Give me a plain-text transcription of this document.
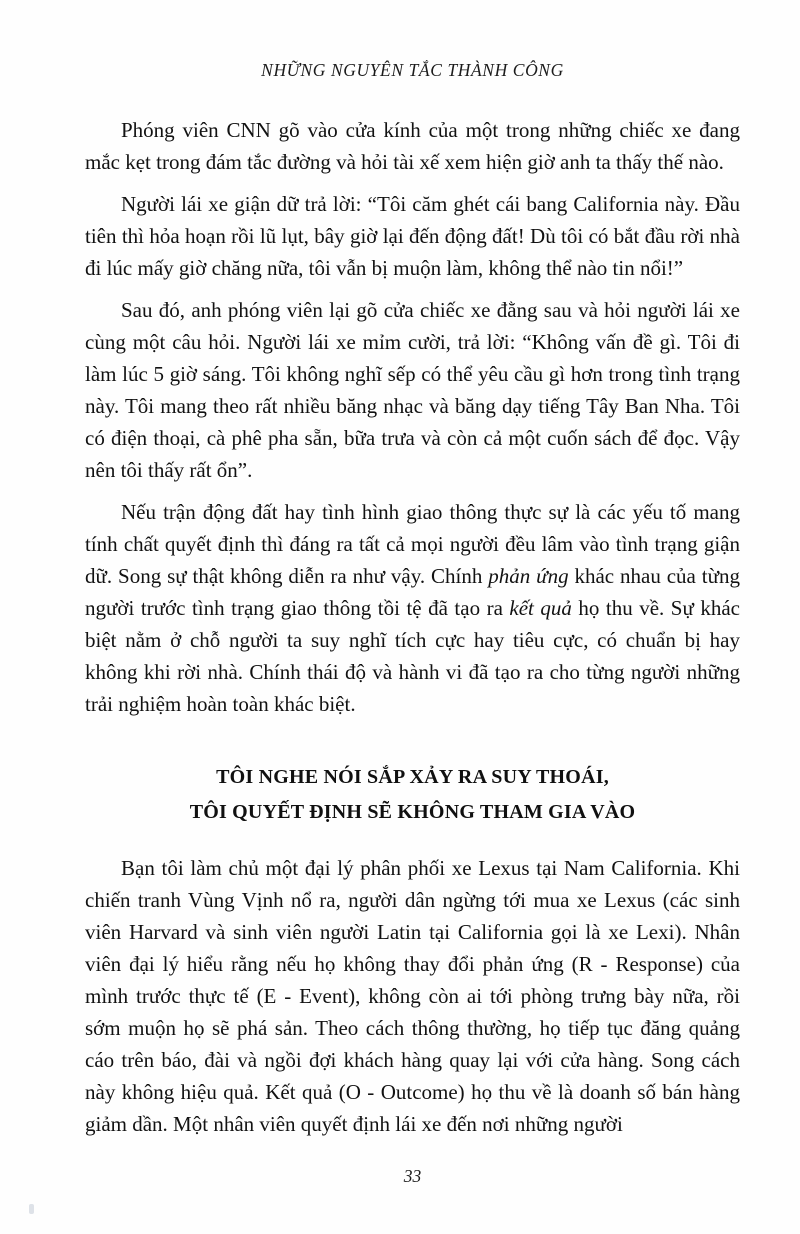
NHỮNG NGUYÊN TẮC THÀNH CÔNG

Phóng viên CNN gõ vào cửa kính của một trong những chiếc xe đang mắc kẹt trong đám tắc đường và hỏi tài xế xem hiện giờ anh ta thấy thế nào.

Người lái xe giận dữ trả lời: “Tôi căm ghét cái bang California này. Đầu tiên thì hỏa hoạn rồi lũ lụt, bây giờ lại đến động đất! Dù tôi có bắt đầu rời nhà đi lúc mấy giờ chăng nữa, tôi vẫn bị muộn làm, không thể nào tin nổi!”

Sau đó, anh phóng viên lại gõ cửa chiếc xe đằng sau và hỏi người lái xe cùng một câu hỏi. Người lái xe mỉm cười, trả lời: “Không vấn đề gì. Tôi đi làm lúc 5 giờ sáng. Tôi không nghĩ sếp có thể yêu cầu gì hơn trong tình trạng này. Tôi mang theo rất nhiều băng nhạc và băng dạy tiếng Tây Ban Nha. Tôi có điện thoại, cà phê pha sẵn, bữa trưa và còn cả một cuốn sách để đọc. Vậy nên tôi thấy rất ổn”.

Nếu trận động đất hay tình hình giao thông thực sự là các yếu tố mang tính chất quyết định thì đáng ra tất cả mọi người đều lâm vào tình trạng giận dữ. Song sự thật không diễn ra như vậy. Chính phản ứng khác nhau của từng người trước tình trạng giao thông tồi tệ đã tạo ra kết quả họ thu về. Sự khác biệt nằm ở chỗ người ta suy nghĩ tích cực hay tiêu cực, có chuẩn bị hay không khi rời nhà. Chính thái độ và hành vi đã tạo ra cho từng người những trải nghiệm hoàn toàn khác biệt.

TÔI NGHE NÓI SẮP XẢY RA SUY THOÁI,
TÔI QUYẾT ĐỊNH SẼ KHÔNG THAM GIA VÀO

Bạn tôi làm chủ một đại lý phân phối xe Lexus tại Nam California. Khi chiến tranh Vùng Vịnh nổ ra, người dân ngừng tới mua xe Lexus (các sinh viên Harvard và sinh viên người Latin tại California gọi là xe Lexi). Nhân viên đại lý hiểu rằng nếu họ không thay đổi phản ứng (R - Response) của mình trước thực tế (E - Event), không còn ai tới phòng trưng bày nữa, rồi sớm muộn họ sẽ phá sản. Theo cách thông thường, họ tiếp tục đăng quảng cáo trên báo, đài và ngồi đợi khách hàng quay lại với cửa hàng. Song cách này không hiệu quả. Kết quả (O - Outcome) họ thu về là doanh số bán hàng giảm dần. Một nhân viên quyết định lái xe đến nơi những người

33
